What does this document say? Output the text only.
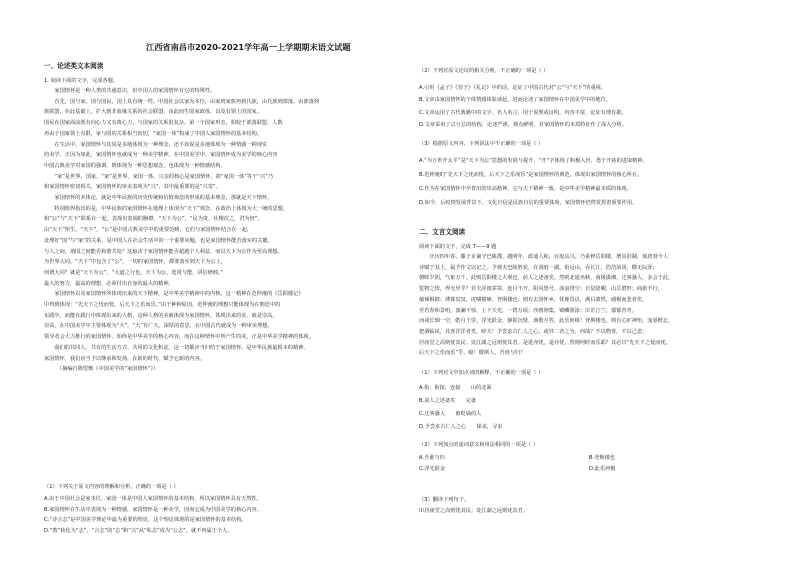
江西省南昌市2020-2021学年高一上学期期末语文试题
一、论述类文本阅读
1. 阅读下面的文字，完成各题。

　　家国情怀是一种人类的共通意识，但中国人的家国情怀有它的特殊性。

　　首先，国与家，国与国民，国土具有统一性。中国社会以家为本位，由家到家族再到氏族，由氏族到部落，由部落到

族联盟，在此基础上，扩大到非血缘关系的社会联盟，由此而生国家政体，以及有领土的国家。

国民在国家面前既有向心力又有离心力，与国家的关系很复杂。第一个国家形态，相较于部落联盟，人数

再由于国家领土有限，家与国的关系相当密切，“家国一体”构成了中国人家国情怀的基本结构。

　　在生活中，家国情怀与其说是多地体现为一种理念，还不如说是多地体现为一种情感一种现实

的美学。正因为如此，家国情怀也就成为一种美学精神。在中国美学中，家国情怀成为美学的核心内容

中国古典美学对家国的强调，既体现为一种思想观念，也体现为一种情感结构。

　　“家”是世界，国家，“家”是世界，家国一体。兴亲的核心是家国情怀，故“家国一体”等于“兴”乃

和家国情怀密切相关，家国情怀的审美表现为“兴”，其中最重要的是“兴寄”。

　　家国情怀的本体论，就是中华民族的历史传统和价值观念所形成的基本理念，那就是天下情怀。

　　特别值得指出的是，中华民族的家国情怀在地理上体现为“天下”观念，在政治上体现为大一统的思想，

和“公”与“天下”联系在一起，表现出宽阔的胸襟。“天下为公”，“民为贵，社稷次之，君为轻”，

由“天下”所生。“天下”，“公”是中国古典美学中的重要范畴，它们与家国情怀结合在一起，

处理好“国”与“家”的关系，是中国人在社会生活中的一个重要问题，也是家国情怀能否落实的关键。

与人之间，诸国之间能否和谐共处？这取决于家国情怀能否超越个人利益，而以天下为公作为至高理想。

为世界大同。“天下”中包含了“公”，一切的家国情怀，都要落实到天下为公上，

何谓大同？就是“天下为公”。“大道之行也，天下为公，选贤与能，讲信修睦。”

最大的努力，最高的理想，必须付出自身的最大的精神。

　　家国情怀以及家国情怀所体现出来的天下精神，是中华美学精神中的内核，这一精神在范仲淹的《岳阳楼记》

中得到体现：“先天下之忧而忧，后天下之乐而乐。”由于种种原因，范仲淹的理想只能体现为在朝廷中的

实践中。而能在践行中体现出来的人格，这种人格的美就体现为家国情怀，体现出来的美，就是崇高。

崇高，在中国美学中主要体现为“大”。“大”有广大、深厚的意思，在中国古代就成为一种审美理想。

领导者会大力推行的家国情怀，始终是中华美学的核心内容，而在这种情怀中所产生的美，正是中华美学精神的体现。

　　我们的共同人、共有的生活方式、共同的文化积淀，这一切都应当归结于家国情怀，是中华民族最根本的精神。

家国情怀，我们应当予以继承和发扬，在新的时代，赋予它新的内容。

　　　（摘编自陈望衡《中国美学的“家国情怀”》）

（1）下列关于原文内容的理解和分析，正确的一项是（ ）

A.由于中国社会是家本位，家国一体是中国人家国情怀的基本结构，所以家国情怀具有天然性。

B.家国情怀在生活中表现为一种情感，家国情怀是一种美学，因而它成为中国美学的核心内容。

C.“诗言志”是中国美学理论中最为重要的理论，这个理论体现的是家国情怀的基本结构。

D.“教”转化为“志”，“言志”的“志”和“兴”从“私志”成为“公志”，就不再属于个人。

（2）下列对原文论证的相关分析，不正确的一项是（ ）

A.引用《孟子》《管子》《礼记》中的话，论证了中国古代对“公”与“天下”的重视。

B.文章由家国情怀的个体情感体验谈起，进而论述了家国情怀在中国美学中的地位。

C.文章运用了古代典籍中的文字、名人名言，用于说理或证明，内容丰富，论证有理有据。

D.文章采用了总分总的结构，论述严谨，观点鲜明，对家国情怀的本质特征作了深入分析。

（3）根据原文内容，下列说法中不正确的一项是（ ）

A.“为万世开太平”是“天下为公”思想的发展与提升，“开”字体现了积极入世、勇于开拓的进取精神。

B.范仲淹的“先天下之忧而忧，后天下之乐而乐”是家国情怀的典范，体现出家国情怀的核心所在。

C.作为在家国情怀中孕育出的崇高精神，它与天下精神一致，是中华美学精神最本质的体现。

D.如今，后疫情发展背景下，文化自信是民族自信的重要体现，家国情怀仍然发挥着重要作用。

二、文言文阅读
阅读下面的文字，完成 7——9 题

　　庆历四年春，滕子京谪守巴陵郡。越明年，政通人和，百废具兴。乃重修岳阳楼，增其旧制，刻唐贤今人

诗赋于其上，属予作文以记之。予观夫巴陵胜状，在洞庭一湖。衔远山，吞长江，浩浩汤汤，横无际涯；

朝晖夕阴，气象万千。此则岳阳楼之大观也，前人之述备矣。然则北通巫峡，南极潇湘，迁客骚人，多会于此，

览物之情，得无异乎？若夫淫雨霏霏，连月不开，阴风怒号，浊浪排空；日星隐曜，山岳潜形；商旅不行，

樯倾楫摧；薄暮冥冥，虎啸猿啼。登斯楼也，则有去国怀乡，忧谗畏讥，满目萧然，感极而悲者矣。

至若春和景明，波澜不惊，上下天光，一碧万顷；沙鸥翔集，锦鳞游泳；岸芷汀兰，郁郁青青。

而或长烟一空，皓月千里，浮光跃金，静影沉璧，渔歌互答，此乐何极！登斯楼也，则有心旷神怡，宠辱偕忘，

把酒临风，其喜洋洋者矣。嗟夫！予尝求古仁人之心，或异二者之为，何哉？不以物喜，不以己悲；

居庙堂之高则忧其民；处江湖之远则忧其君。是进亦忧，退亦忧。然则何时而乐耶？其必曰“先天下之忧而忧，

后天下之乐而乐”乎。噫！微斯人，吾谁与归？

（1）下列对文中加点词的解释，不正确的一项是（ ）

A.衔：衔接，连接　　山的北面

B.前人之述备矣　　完备

C.迁客骚人　　被贬谪的人

D.予尝求古仁人之心　　探求，寻求

（2）下列加点的虚词意义和用法相同的一项是（ ）
A.吾谁与归	B.登斯楼也
C.浮光跃金	D.此乐何极
（3）翻译下列句子。
⑴居庙堂之高则忧其民；处江湖之远则忧其君。
